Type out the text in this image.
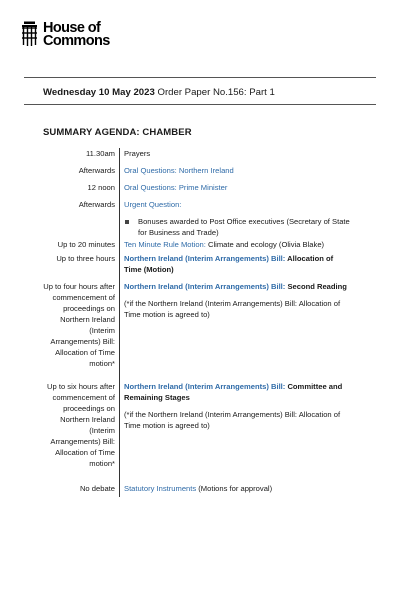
House of
Commons
Wednesday 10 May 2023 Order Paper No.156: Part 1
SUMMARY AGENDA: CHAMBER
11.30am Prayers
Afterwards Oral Questions: Northern Ireland
12 noon Oral Questions: Prime Minister
Afterwards Urgent Question:
Bonuses awarded to Post Office executives (Secretary of State for Business and Trade)
Up to 20 minutes Ten Minute Rule Motion: Climate and ecology (Olivia Blake)
Up to three hours Northern Ireland (Interim Arrangements) Bill: Allocation of Time (Motion)
Up to four hours after commencement of proceedings on Northern Ireland (Interim Arrangements) Bill: Allocation of Time motion*
Northern Ireland (Interim Arrangements) Bill: Second Reading
(*if the Northern Ireland (Interim Arrangements) Bill: Allocation of Time motion is agreed to)
Up to six hours after commencement of proceedings on Northern Ireland (Interim Arrangements) Bill: Allocation of Time motion*
Northern Ireland (Interim Arrangements) Bill: Committee and Remaining Stages
(*if the Northern Ireland (Interim Arrangements) Bill: Allocation of Time motion is agreed to)
No debate Statutory Instruments (Motions for approval)
